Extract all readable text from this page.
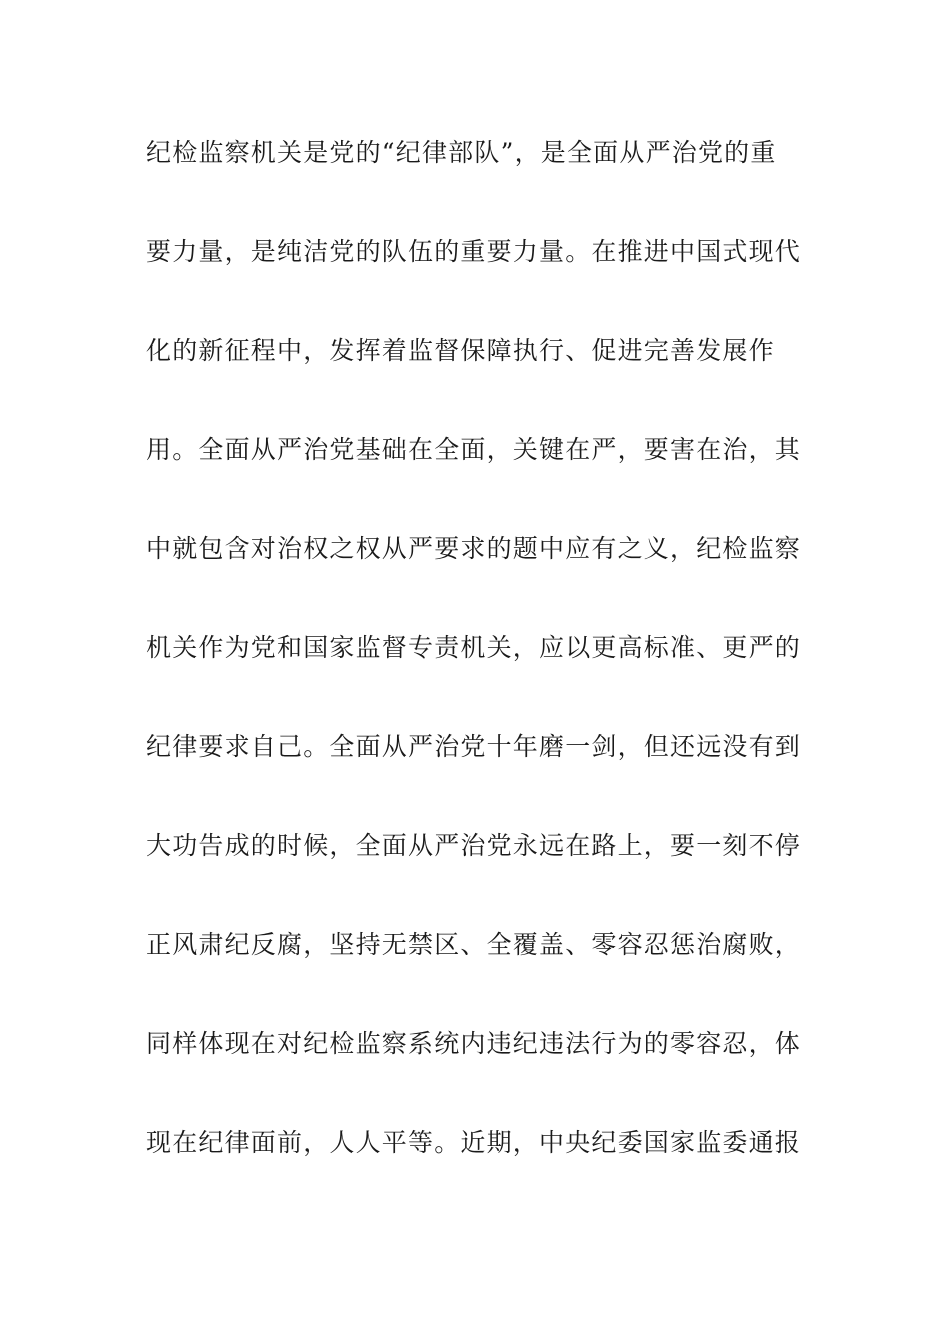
纪检监察机关是党的“纪律部队”，是全面从严治党的重
要力量，是纯洁党的队伍的重要力量。在推进中国式现代
化的新征程中，发挥着监督保障执行、促进完善发展作
用。全面从严治党基础在全面，关键在严，要害在治，其
中就包含对治权之权从严要求的题中应有之义，纪检监察
机关作为党和国家监督专责机关，应以更高标准、更严的
纪律要求自己。全面从严治党十年磨一剑，但还远没有到
大功告成的时候，全面从严治党永远在路上，要一刻不停
正风肃纪反腐，坚持无禁区、全覆盖、零容忍惩治腐败，
同样体现在对纪检监察系统内违纪违法行为的零容忍，体
现在纪律面前，人人平等。近期，中央纪委国家监委通报
